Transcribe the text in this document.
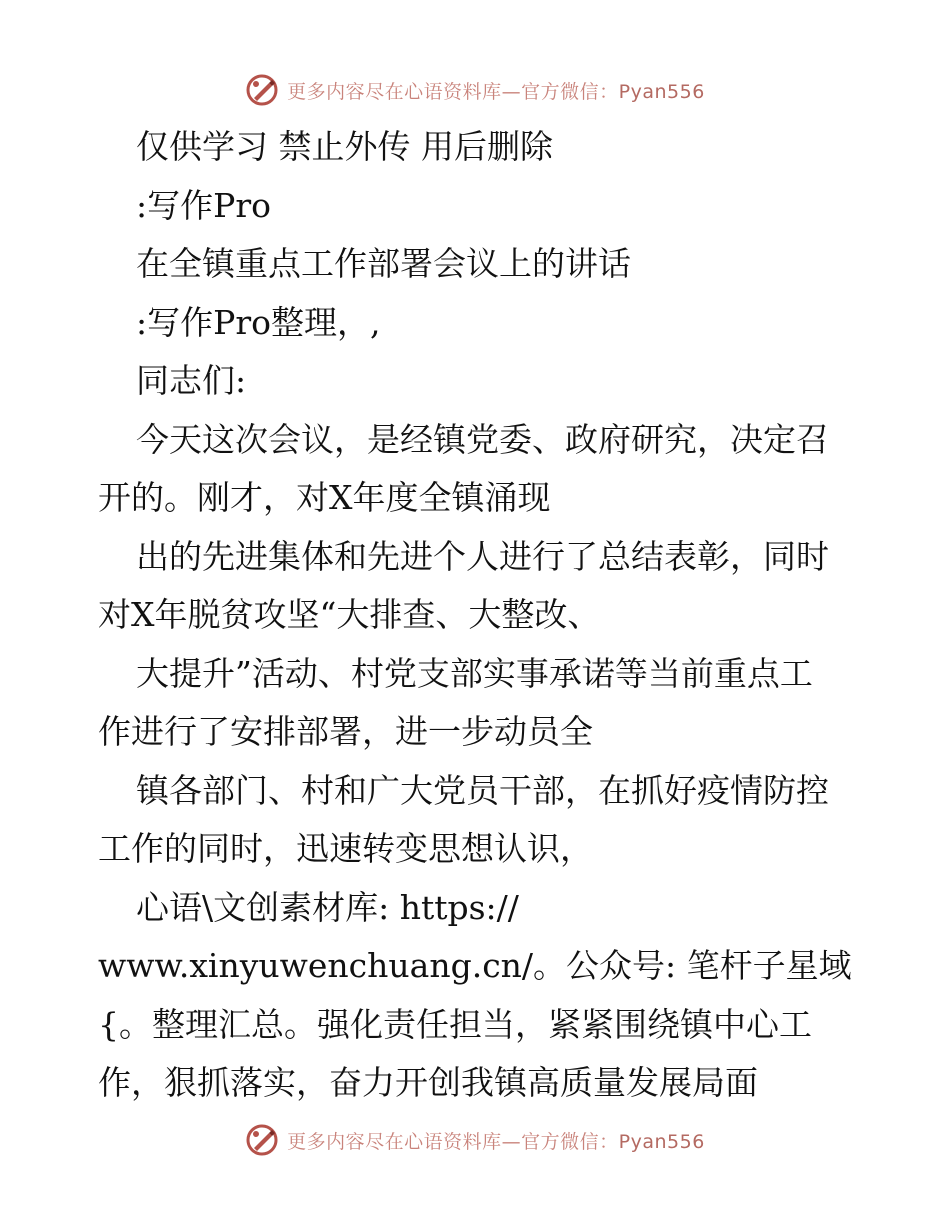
更多内容尽在心语资料库—官方微信：Pyan556
仅供学习 禁止外传 用后删除
:写作Pro
在全镇重点工作部署会议上的讲话
:写作Pro整理，,
同志们:
今天这次会议，是经镇党委、政府研究，决定召
开的。刚才，对X年度全镇涌现
出的先进集体和先进个人进行了总结表彰，同时
对X年脱贫攻坚“大排查、大整改、
大提升”活动、村党支部实事承诺等当前重点工
作进行了安排部署，进一步动员全
镇各部门、村和广大党员干部，在抓好疫情防控
工作的同时，迅速转变思想认识，
心语\文创素材库: https://
www.xinyuwenchuang.cn/。公众号: 笔杆子星域
{。整理汇总。强化责任担当，紧紧围绕镇中心工
作，狠抓落实，奋力开创我镇高质量发展局面
更多内容尽在心语资料库—官方微信：Pyan556
